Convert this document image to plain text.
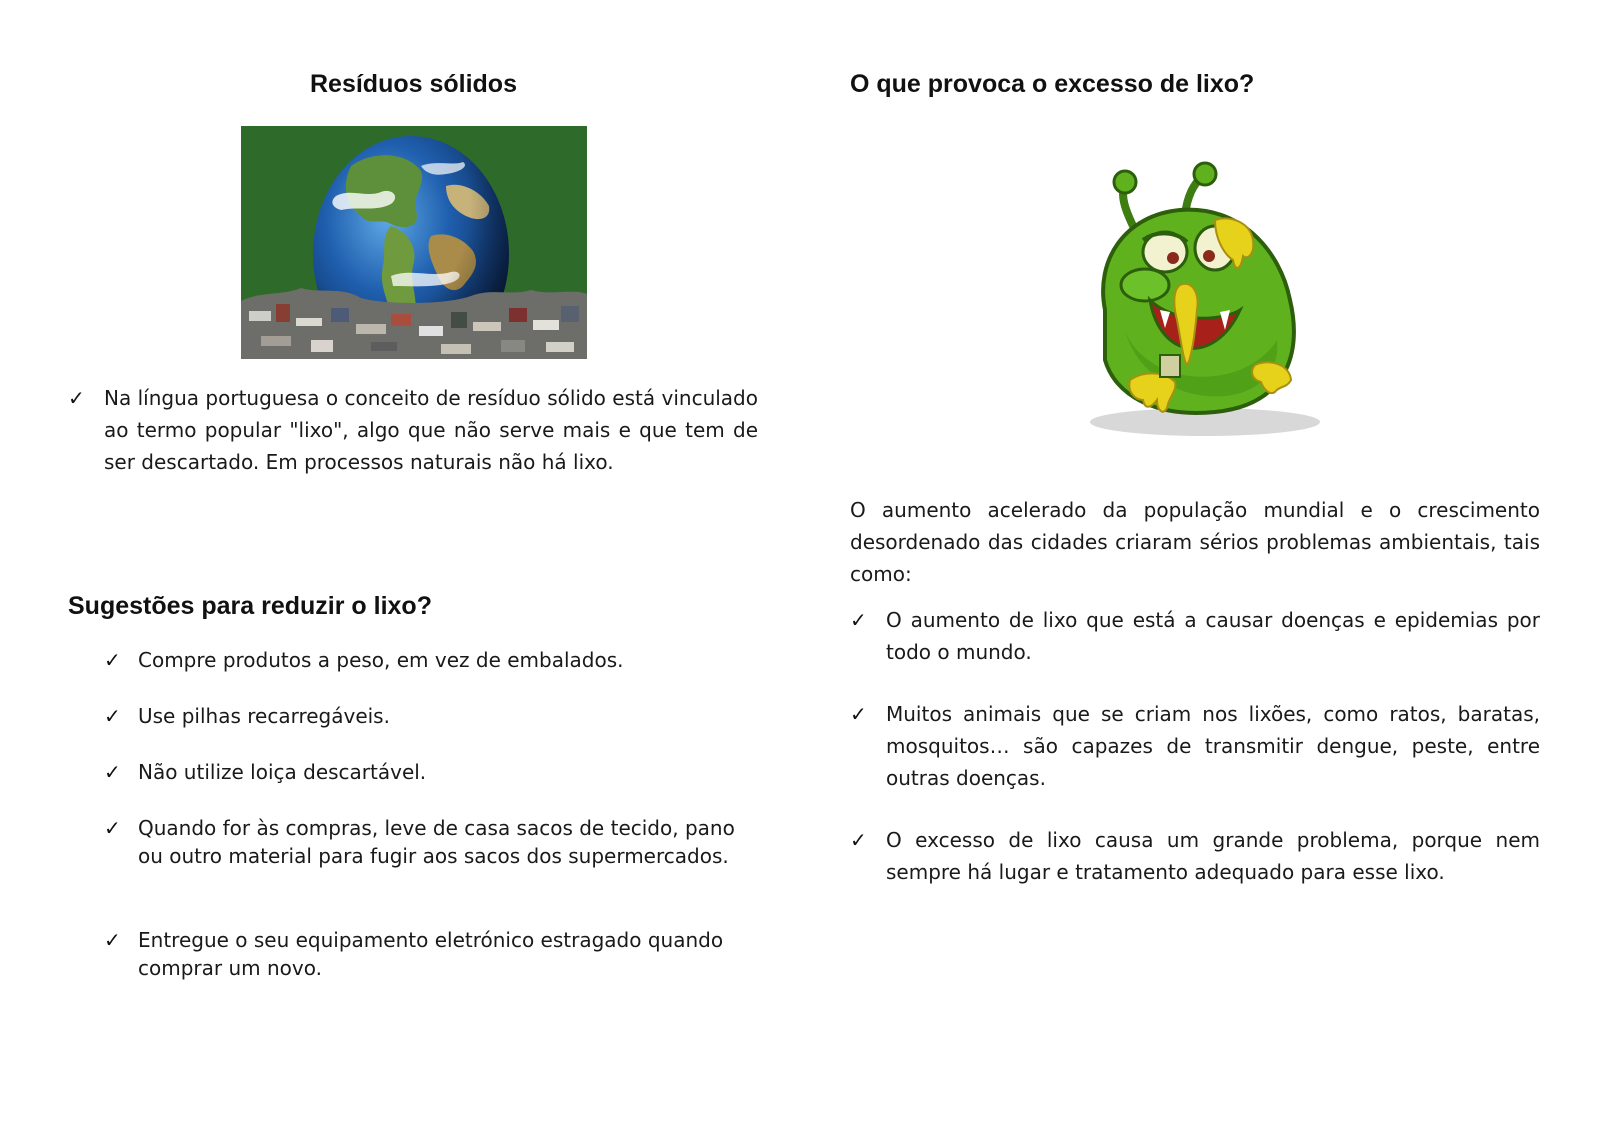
Resíduos sólidos
✓ Na língua portuguesa o conceito de resíduo sólido está vinculado ao termo popular "lixo", algo que não serve mais e que tem de ser descartado. Em processos naturais não há lixo.

Sugestões para reduzir o lixo?
✓ Compre produtos a peso, em vez de embalados.

✓ Use pilhas recarregáveis.

✓ Não utilize loiça descartável.

✓ Quando for às compras, leve de casa sacos de tecido, pano ou outro material para fugir aos sacos dos supermercados.

✓ Entregue o seu equipamento eletrónico estragado quando comprar um novo.

O que provoca o excesso de lixo?

O aumento acelerado da população mundial e o crescimento desordenado das cidades criaram sérios problemas ambientais, tais como:

✓ O aumento de lixo que está a causar doenças e epidemias por todo o mundo.

✓ Muitos animais que se criam nos lixões, como ratos, baratas, mosquitos… são capazes de transmitir dengue, peste, entre outras doenças.

✓ O excesso de lixo causa um grande problema, porque nem sempre há lugar e tratamento adequado para esse lixo.
